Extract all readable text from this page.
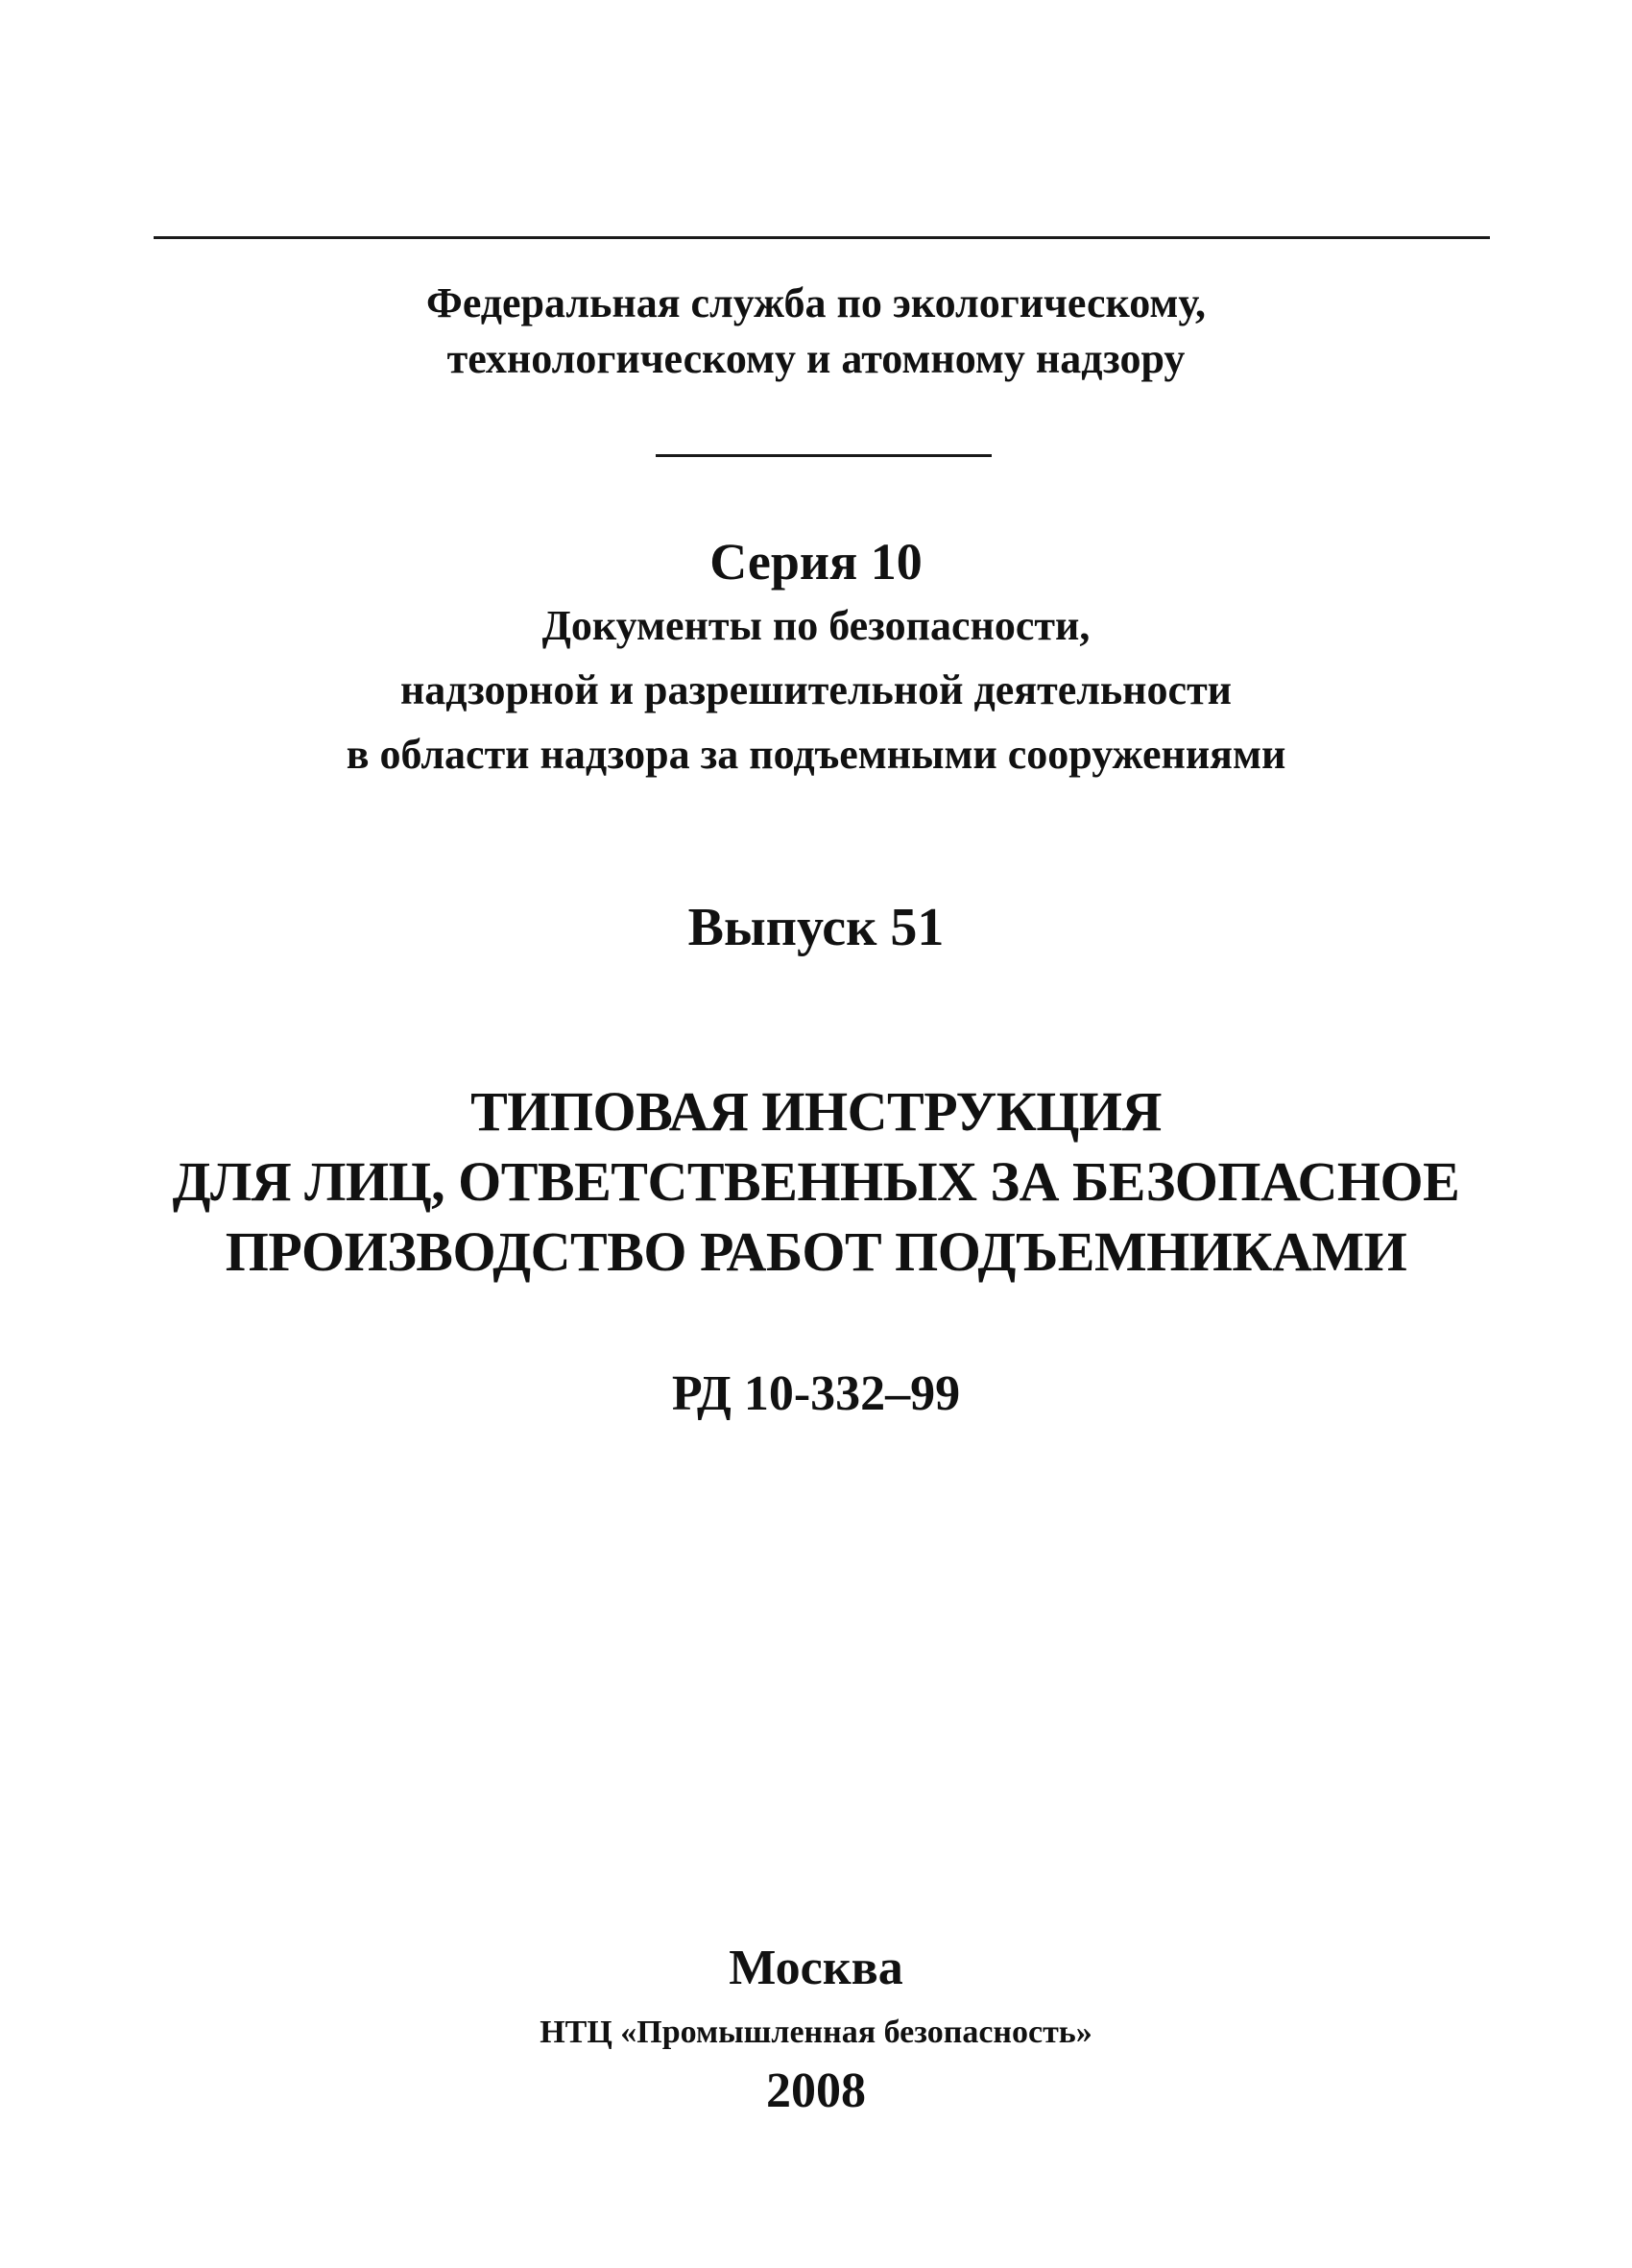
Федеральная служба по экологическому,
технологическому и атомному надзору
Серия 10
Документы по безопасности,
надзорной и разрешительной деятельности
в области надзора за подъемными сооружениями
Выпуск 51
ТИПОВАЯ ИНСТРУКЦИЯ
ДЛЯ ЛИЦ, ОТВЕТСТВЕННЫХ ЗА БЕЗОПАСНОЕ
ПРОИЗВОДСТВО РАБОТ ПОДЪЕМНИКАМИ
РД 10-332–99
Москва
НТЦ «Промышленная безопасность»
2008
